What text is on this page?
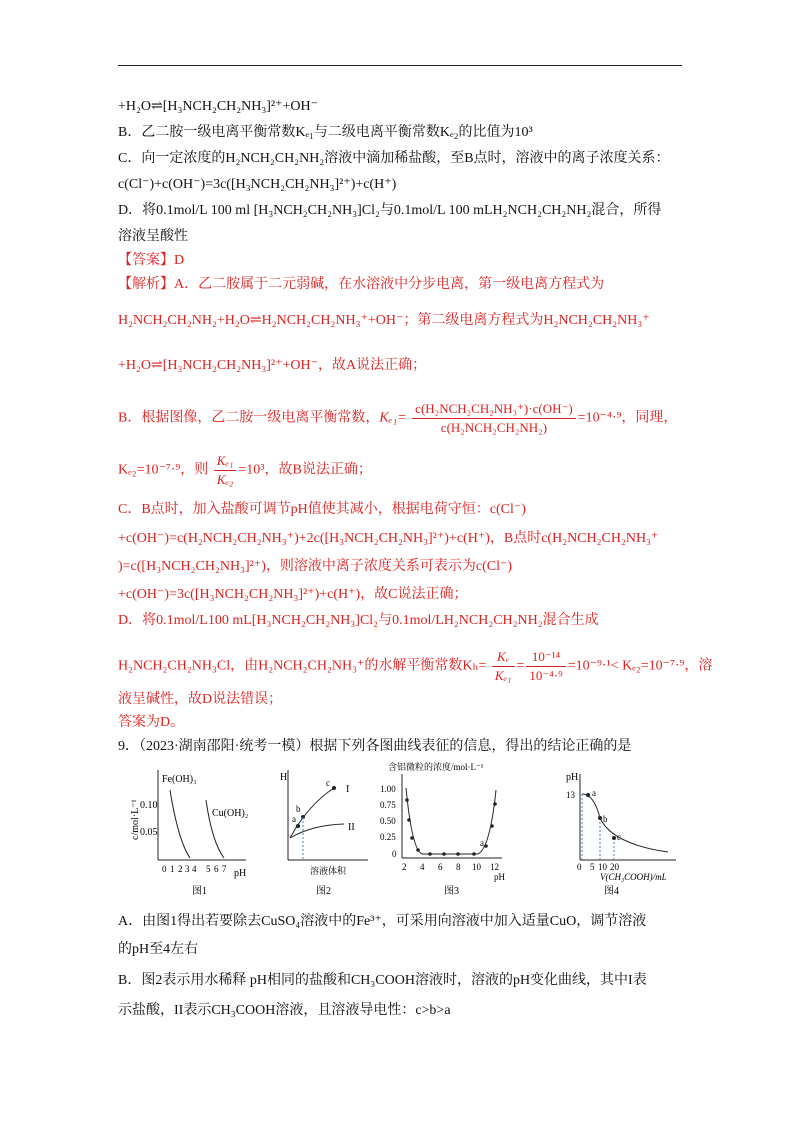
+H₂O⇌[H₃NCH₂CH₂NH₃]²⁺+OH⁻
B．乙二胺一级电离平衡常数Kₑ₁与二级电离平衡常数Kₑ₂的比值为10³
C．向一定浓度的H₂NCH₂CH₂NH₂溶液中滴加稀盐酸，至B点时，溶液中的离子浓度关系：
c(Cl⁻)+c(OH⁻)=3c([H₃NCH₂CH₂NH₃]²⁺)+c(H⁺)
D．将0.1mol/L 100 ml [H₃NCH₂CH₂NH₃]Cl₂与0.1mol/L 100 mLH₂NCH₂CH₂NH₂混合，所得
溶液呈酸性
【答案】D
【解析】A．乙二胺属于二元弱碱，在水溶液中分步电离，第一级电离方程式为
H₂NCH₂CH₂NH₂+H₂O⇌H₂NCH₂CH₂NH₃⁺+OH⁻；第二级电离方程式为H₂NCH₂CH₂NH₃⁺
+H₂O⇌[H₃NCH₂CH₂NH₃]²⁺+OH⁻，故A说法正确；
B．根据图像，乙二胺一级电离平衡常数，$K_{e1}= \frac{\text{c(H₂NCH₂CH₂NH₃⁺)·c(OH⁻)}}{\text{c(H₂NCH₂CH₂NH₂)}} =10^{-4}\cdot^9$，同理，
Kₑ₂=10⁻⁷·⁹，则 $\frac{\text{Kₑ₁}}{\text{Kₑ₂}} =10^3$，故B说法正确；
C．B点时，加入盐酸可调节pH值使其减小，根据电荷守恒：c(Cl⁻)
+c(OH⁻)=c(H₂NCH₂CH₂NH₃⁺)+2c([H₃NCH₂CH₂NH₃]²⁺)+c(H⁺)，B点时c(H₂NCH₂CH₂NH₃⁺
)=c([H₃NCH₂CH₂NH₃]²⁺)，则溶液中离子浓度关系可表示为c(Cl⁻)
+c(OH⁻)=3c([H₃NCH₂CH₂NH₃]²⁺)+c(H⁺)，故C说法正确；
D．将0.1mol/L100 mL[H₃NCH₂CH₂NH₃]Cl₂与0.1mol/LH₂NCH₂CH₂NH₂混合生成
H₂NCH₂CH₂NH₃Cl，由H₂NCH₂CH₂NH₃⁺的水解平衡常数$K_h= \frac{\text{Kᵥ}}{\text{Kₑ₁}} = \frac{\text{10⁻¹⁴}}{\text{10⁻⁴·⁹}} =10^{-9}\cdot^1< K_{e2}=10^{-7}\cdot^9$，溶
液呈碱性，故D说法错误；
答案为D。
9．（2023·湖南邵阳·统考一模）根据下列各图曲线表征的信息，得出的结论正确的是
c/mol·L⁻¹ 0.10
0.05
Fe(OH)₃
Cu(OH)₂
0 1 2 3 4 5 6 7 pH
图1
H
a
b
c
I
II
溶液体积
图2
含铝微粒的浓度/mol·L⁻¹
1.00
0.75
0.50
0.25
0
2 4 6 8 10 12
pH
a
图3
pH
13 a
b
c
0 5 10 20
V(CH₃COOH)/mL
图4
A．由图1得出若要除去CuSO₄溶液中的Fe³⁺，可采用向溶液中加入适量CuO，调节溶液
的pH至4左右
B．图2表示用水稀释 pH相同的盐酸和CH₃COOH溶液时，溶液的pH变化曲线，其中I表
示盐酸，II表示CH₃COOH溶液，且溶液导电性：c>b>a
